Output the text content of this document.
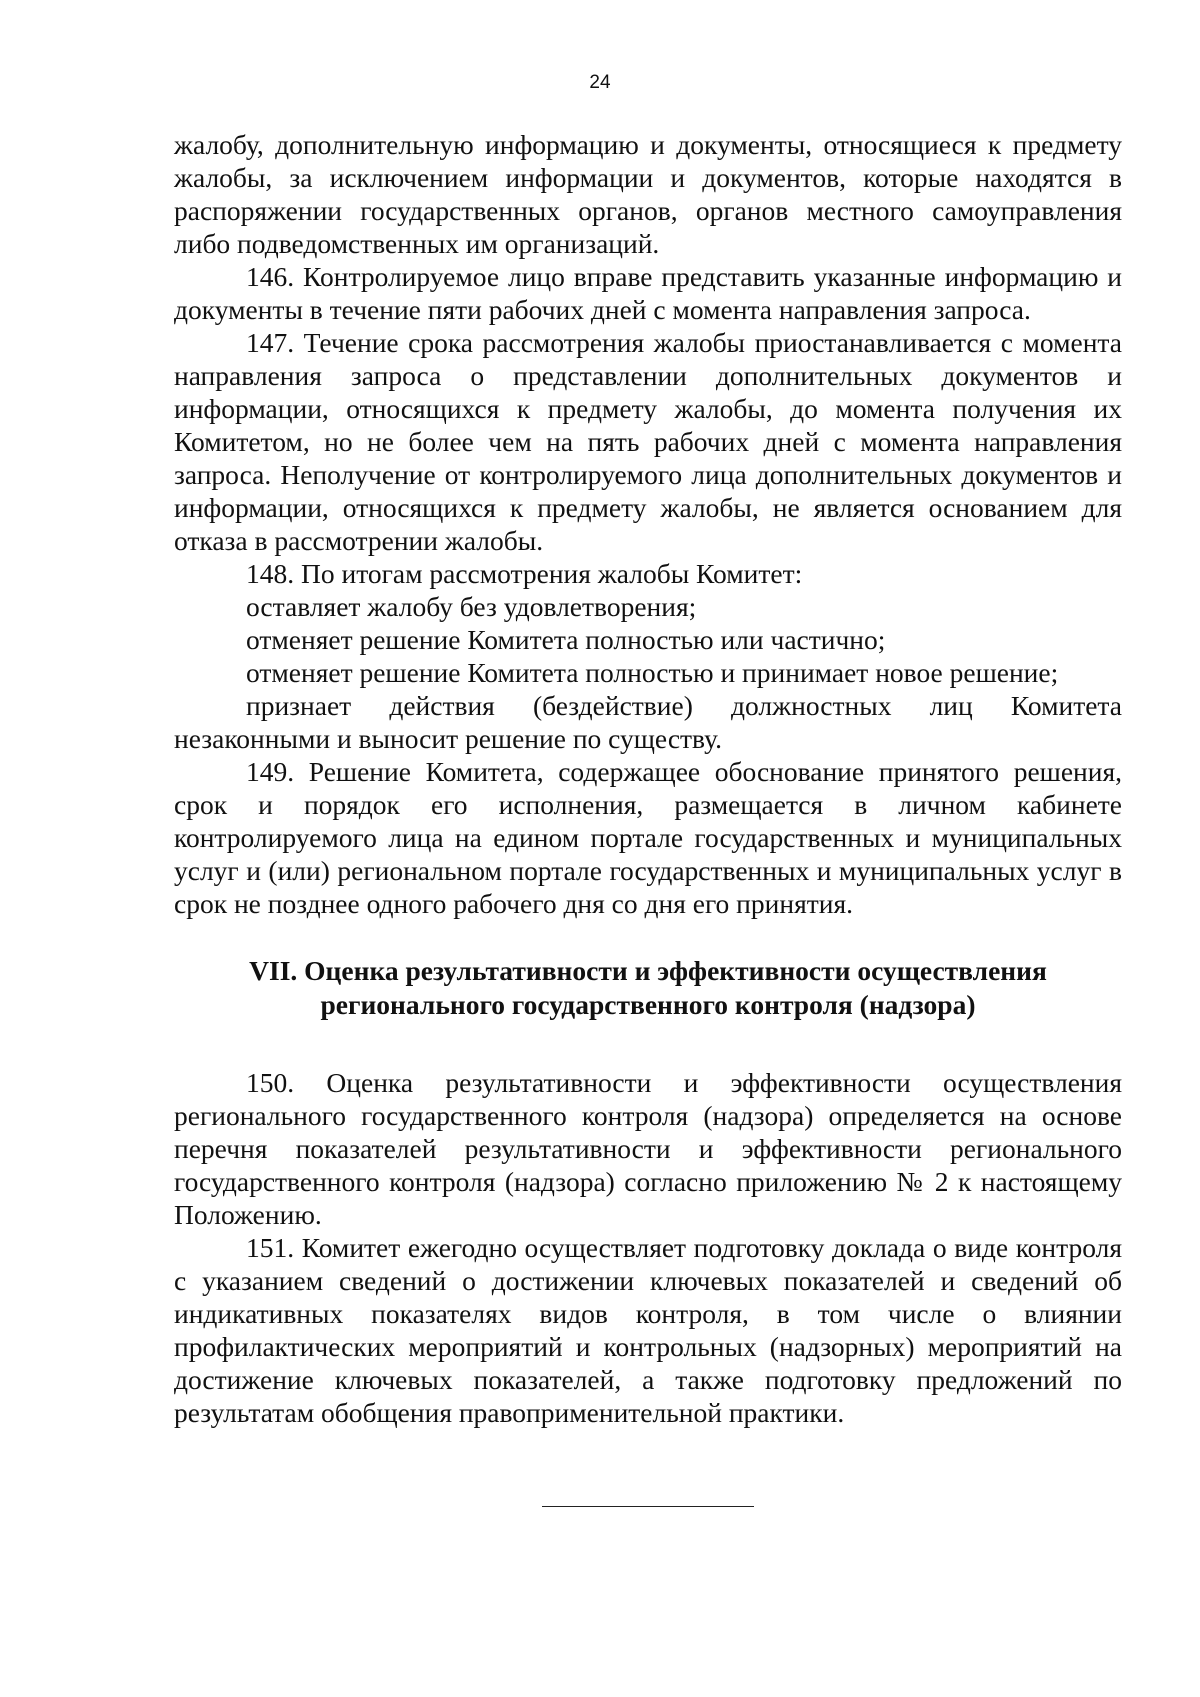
24

жалобу, дополнительную информацию и документы, относящиеся к предмету жалобы, за исключением информации и документов, которые находятся в распоряжении государственных органов, органов местного самоуправления либо подведомственных им организаций.

146. Контролируемое лицо вправе представить указанные информацию и документы в течение пяти рабочих дней с момента направления запроса.

147. Течение срока рассмотрения жалобы приостанавливается с момента направления запроса о представлении дополнительных документов и информации, относящихся к предмету жалобы, до момента получения их Комитетом, но не более чем на пять рабочих дней с момента направления запроса. Неполучение от контролируемого лица дополнительных документов и информации, относящихся к предмету жалобы, не является основанием для отказа в рассмотрении жалобы.

148. По итогам рассмотрения жалобы Комитет:

оставляет жалобу без удовлетворения;

отменяет решение Комитета полностью или частично;

отменяет решение Комитета полностью и принимает новое решение;

признает действия (бездействие) должностных лиц Комитета незаконными и выносит решение по существу.

149. Решение Комитета, содержащее обоснование принятого решения, срок и порядок его исполнения, размещается в личном кабинете контролируемого лица на едином портале государственных и муниципальных услуг и (или) региональном портале государственных и муниципальных услуг в срок не позднее одного рабочего дня со дня его принятия.

VII. Оценка результативности и эффективности осуществления
регионального государственного контроля (надзора)

150. Оценка результативности и эффективности осуществления регионального государственного контроля (надзора) определяется на основе перечня показателей результативности и эффективности регионального государственного контроля (надзора) согласно приложению № 2 к настоящему Положению.

151. Комитет ежегодно осуществляет подготовку доклада о виде контроля с указанием сведений о достижении ключевых показателей и сведений об индикативных показателях видов контроля, в том числе о влиянии профилактических мероприятий и контрольных (надзорных) мероприятий на достижение ключевых показателей, а также подготовку предложений по результатам обобщения правоприменительной практики.
